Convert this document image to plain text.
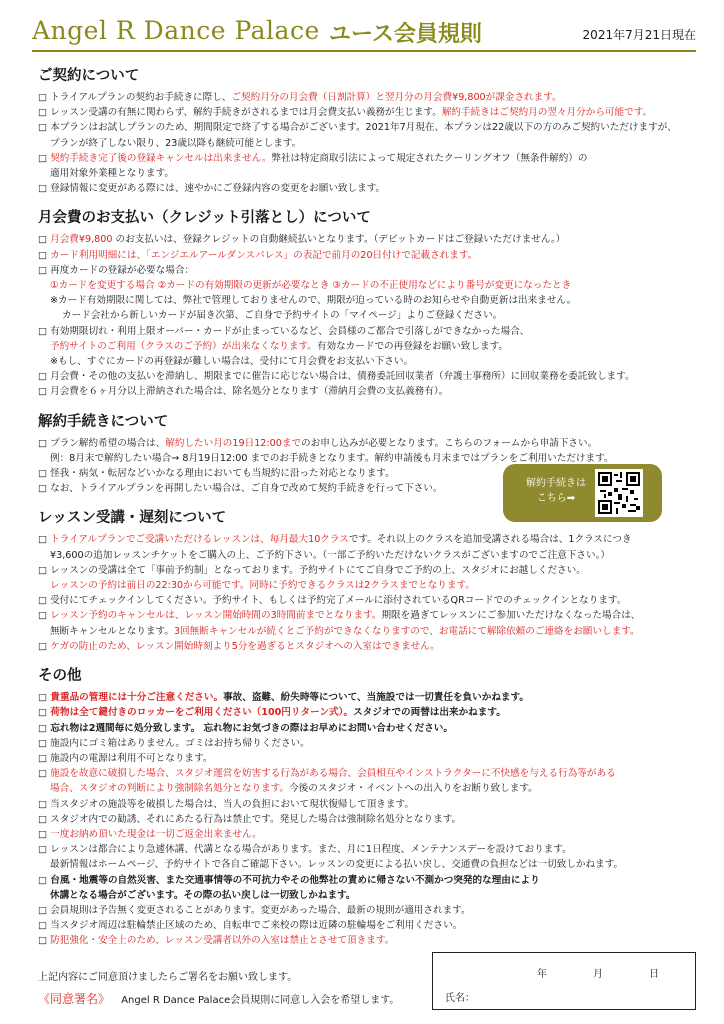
Angel R Dance Palace ユース会員規則	2021年7月21日現在
ご契約について
□ トライアルプランの契約お手続きに際し、ご契約月分の月会費（日割計算）と翌月分の月会費¥9,800が課金されます。
□ レッスン受講の有無に関わらず、解約手続きがされるまでは月会費支払い義務が生じます。解約手続きはご契約月の翌々月分から可能です。
□ 本プランはお試しプランのため、期間限定で終了する場合がございます。2021年7月現在、本プランは22歳以下の方のみご契約いただけますが、
プランが終了しない限り、23歳以降も継続可能とします。
□ 契約手続き完了後の登録キャンセルは出来ません。弊社は特定商取引法によって規定されたクーリングオフ（無条件解約）の
適用対象外業種となります。
□ 登録情報に変更がある際には、速やかにご登録内容の変更をお願い致します。
月会費のお支払い（クレジット引落とし）について
□ 月会費¥9,800 のお支払いは、登録クレジットの自動継続払いとなります。（デビットカードはご登録いただけません。）
□ カード利用明細には、「エンジエルアールダンスパレス」の表記で前月の20日付けで記載されます。
□ 再度カードの登録が必要な場合：
①カードを変更する場合 ②カードの有効期限の更新が必要なとき ③カードの不正使用などにより番号が変更になったとき
※カード有効期限に関しては、弊社で管理しておりませんので、期限が迫っている時のお知らせや自動更新は出来ません。
カード会社から新しいカードが届き次第、ご自身で予約サイトの「マイページ」よりご登録ください。
□ 有効期限切れ・利用上限オーバー・カードが止まっているなど、会員様のご都合で引落しができなかった場合、
予約サイトのご利用（クラスのご予約）が出来なくなります。有効なカードでの再登録をお願い致します。
※もし、すぐにカードの再登録が難しい場合は、受付にて月会費をお支払い下さい。
□ 月会費・その他の支払いを滞納し、期限までに催告に応じない場合は、債務委託回収業者（弁護士事務所）に回収業務を委託致します。
□ 月会費を６ヶ月分以上滞納された場合は、除名処分となります（滞納月会費の支払義務有）。
解約手続きについて
□ プラン解約希望の場合は、解約したい月の19日12:00までのお申し込みが必要となります。こちらのフォームから申請下さい。
例：8月末で解約したい場合→ 8月19日12:00 までのお手続きとなります。解約申請後も月末まではプランをご利用いただけます。
□ 怪我・病気・転居などいかなる理由においても当規約に沿った対応となります。
□ なお、トライアルプランを再開したい場合は、ご自身で改めて契約手続きを行って下さい。
レッスン受講・遅刻について
□ トライアルプランでご受講いただけるレッスンは、毎月最大10クラスです。それ以上のクラスを追加受講される場合は、1クラスにつき
¥3,600の追加レッスンチケットをご購入の上、ご予約下さい。（一部ご予約いただけないクラスがございますのでご注意下さい。）
□ レッスンの受講は全て「事前予約制」となっております。予約サイトにてご自身でご予約の上、スタジオにお越しください。
レッスンの予約は前日の22:30から可能です。同時に予約できるクラスは2クラスまでとなります。
□ 受付にてチェックインしてください。予約サイト、もしくは予約完了メールに添付されているQRコードでのチェックインとなります。
□ レッスン予約のキャンセルは、レッスン開始時間の3時間前までとなります。期限を過ぎてレッスンにご参加いただけなくなった場合は、
無断キャンセルとなります。3回無断キャンセルが続くとご予約ができなくなりますので、お電話にて解除依頼のご連絡をお願いします。
□ ケガの防止のため、レッスン開始時刻より5分を過ぎるとスタジオへの入室はできません。
その他
□ 貴重品の管理には十分ご注意ください。事故、盗難、紛失時等について、当施設では一切責任を負いかねます。
□ 荷物は全て鍵付きのロッカーをご利用ください（100円リターン式）。スタジオでの両替は出来かねます。
□ 忘れ物は2週間毎に処分致します。 忘れ物にお気づきの際はお早めにお問い合わせください。
□ 施設内にゴミ箱はありません。ゴミはお持ち帰りください。
□ 施設内の電源は利用不可となります。
□ 施設を故意に破損した場合、スタジオ運営を妨害する行為がある場合、会員相互やインストラクターに不快感を与える行為等がある
場合、スタジオの判断により強制除名処分となります。今後のスタジオ・イベントへの出入りをお断り致します。
□ 当スタジオの施設等を破損した場合は、当人の負担において現状復帰して頂きます。
□ スタジオ内での勧誘、それにあたる行為は禁止です。発見した場合は強制除名処分となります。
□ 一度お納め頂いた現金は一切ご返金出来ません。
□ レッスンは都合により急遽休講、代講となる場合があります。また、月に1日程度、メンテナンスデーを設けております。
最新情報はホームページ、予約サイトで各自ご確認下さい。レッスンの変更による払い戻し、交通費の負担などは一切致しかねます。
□ 台風・地震等の自然災害、また交通事情等の不可抗力やその他弊社の責めに帰さない不測かつ突発的な理由により
休講となる場合がございます。その際の払い戻しは一切致しかねます。
□ 会員規則は予告無く変更されることがあります。変更があった場合、最新の規則が適用されます。
□ 当スタジオ周辺は駐輪禁止区域のため、自転車でご来校の際は近隣の駐輪場をご利用ください。
□ 防犯強化・安全上のため、レッスン受講者以外の入室は禁止とさせて頂きます。
解約手続きは
こちら➡
上記内容にご同意頂けましたらご署名をお願い致します。
《同意署名》 Angel R Dance Palace会員規則に同意し入会を希望します。
年	月	日
氏名：
